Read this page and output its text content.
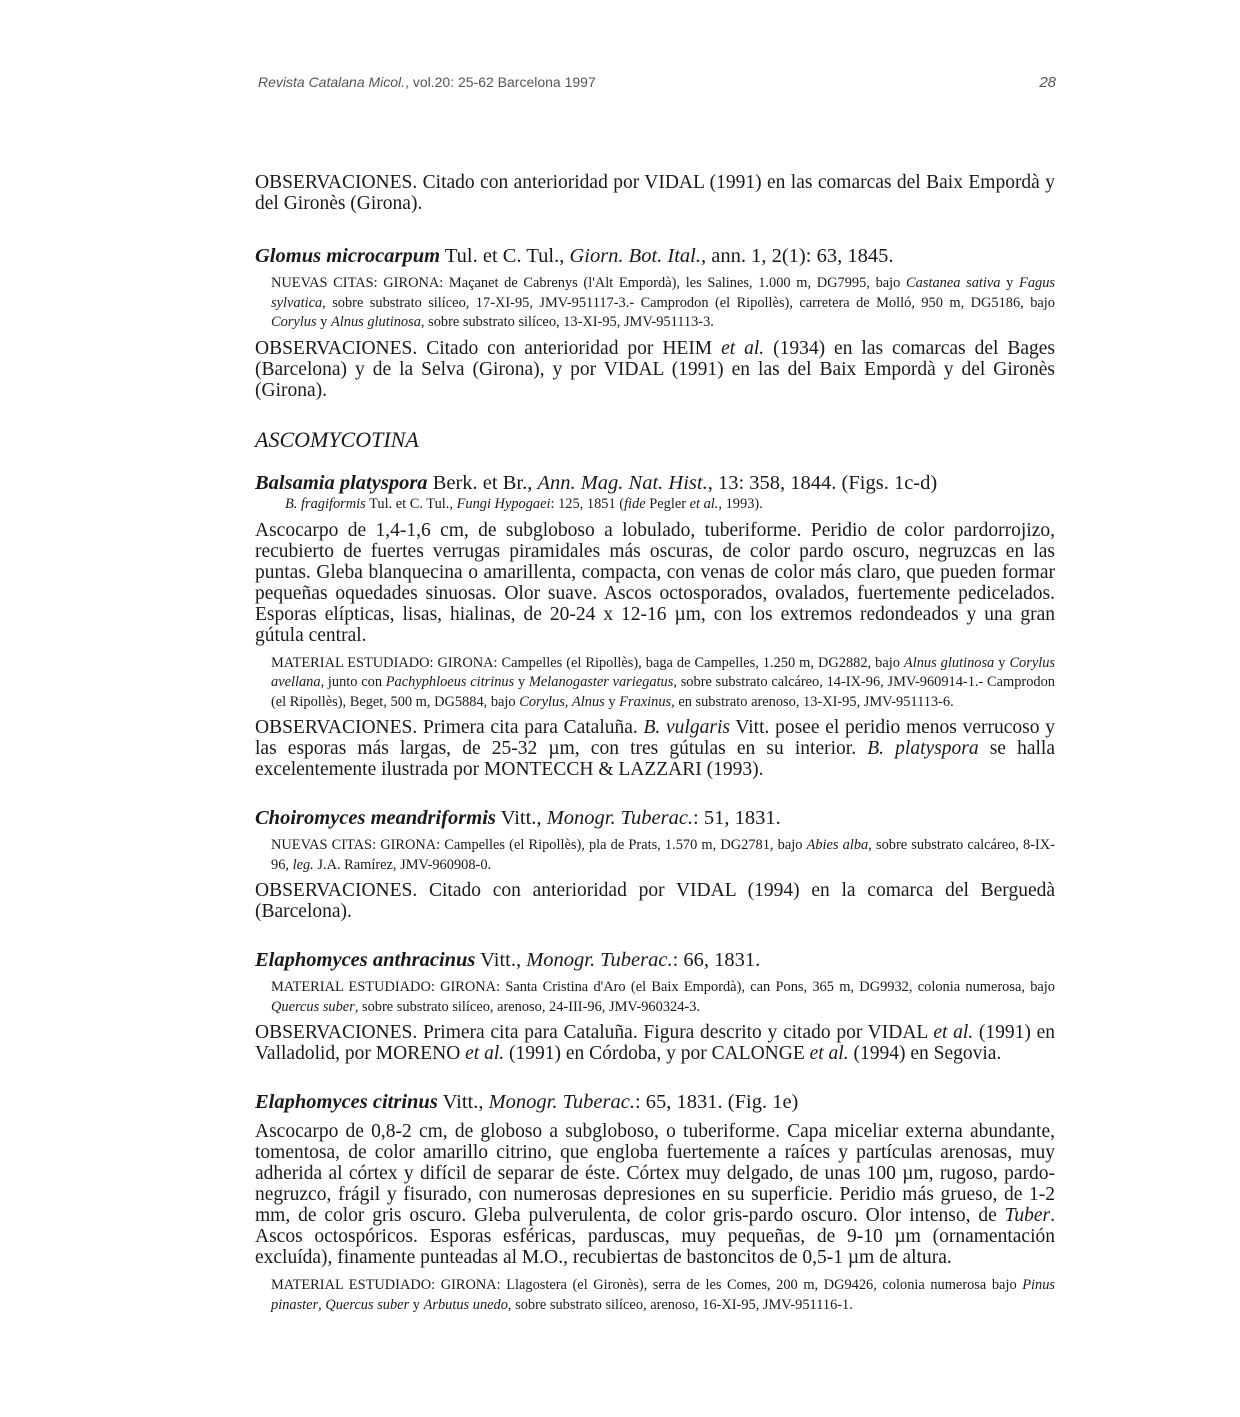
Revista Catalana Micol., vol.20: 25-62 Barcelona 1997	28

OBSERVACIONES. Citado con anterioridad por VIDAL (1991) en las comarcas del Baix Empordà y del Gironès (Girona).

Glomus microcarpum Tul. et C. Tul., Giorn. Bot. Ital., ann. 1, 2(1): 63, 1845.

NUEVAS CITAS: GIRONA: Maçanet de Cabrenys (l'Alt Empordà), les Salines, 1.000 m, DG7995, bajo Castanea sativa y Fagus sylvatica, sobre substrato silíceo, 17-XI-95, JMV-951117-3.- Camprodon (el Ripollès), carretera de Molló, 950 m, DG5186, bajo Corylus y Alnus glutinosa, sobre substrato silíceo, 13-XI-95, JMV-951113-3.

OBSERVACIONES. Citado con anterioridad por HEIM et al. (1934) en las comarcas del Bages (Barcelona) y de la Selva (Girona), y por VIDAL (1991) en las del Baix Empordà y del Gironès (Girona).

ASCOMYCOTINA

Balsamia platyspora Berk. et Br., Ann. Mag. Nat. Hist., 13: 358, 1844. (Figs. 1c-d)

B. fragiformis Tul. et C. Tul., Fungi Hypogaei: 125, 1851 (fide Pegler et al., 1993).

Ascocarpo de 1,4-1,6 cm, de subgloboso a lobulado, tuberiforme. Peridio de color pardorrojizo, recubierto de fuertes verrugas piramidales más oscuras, de color pardo oscuro, negruzcas en las puntas. Gleba blanquecina o amarillenta, compacta, con venas de color más claro, que pueden formar pequeñas oquedades sinuosas. Olor suave. Ascos octosporados, ovalados, fuertemente pedicelados. Esporas elípticas, lisas, hialinas, de 20-24 x 12-16 µm, con los extremos redondeados y una gran gútula central.

MATERIAL ESTUDIADO: GIRONA: Campelles (el Ripollès), baga de Campelles, 1.250 m, DG2882, bajo Alnus glutinosa y Corylus avellana, junto con Pachyphloeus citrinus y Melanogaster variegatus, sobre substrato calcáreo, 14-IX-96, JMV-960914-1.- Camprodon (el Ripollès), Beget, 500 m, DG5884, bajo Corylus, Alnus y Fraxinus, en substrato arenoso, 13-XI-95, JMV-951113-6.

OBSERVACIONES. Primera cita para Cataluña. B. vulgaris Vitt. posee el peridio menos verrucoso y las esporas más largas, de 25-32 µm, con tres gútulas en su interior. B. platyspora se halla excelentemente ilustrada por MONTECCH & LAZZARI (1993).

Choiromyces meandriformis Vitt., Monogr. Tuberac.: 51, 1831.

NUEVAS CITAS: GIRONA: Campelles (el Ripollès), pla de Prats, 1.570 m, DG2781, bajo Abies alba, sobre substrato calcáreo, 8-IX-96, leg. J.A. Ramírez, JMV-960908-0.

OBSERVACIONES. Citado con anterioridad por VIDAL (1994) en la comarca del Berguedà (Barcelona).

Elaphomyces anthracinus Vitt., Monogr. Tuberac.: 66, 1831.

MATERIAL ESTUDIADO: GIRONA: Santa Cristina d'Aro (el Baix Empordà), can Pons, 365 m, DG9932, colonia numerosa, bajo Quercus suber, sobre substrato silíceo, arenoso, 24-III-96, JMV-960324-3.

OBSERVACIONES. Primera cita para Cataluña. Figura descrito y citado por VIDAL et al. (1991) en Valladolid, por MORENO et al. (1991) en Córdoba, y por CALONGE et al. (1994) en Segovia.

Elaphomyces citrinus Vitt., Monogr. Tuberac.: 65, 1831. (Fig. 1e)

Ascocarpo de 0,8-2 cm, de globoso a subgloboso, o tuberiforme. Capa miceliar externa abundante, tomentosa, de color amarillo citrino, que engloba fuertemente a raíces y partículas arenosas, muy adherida al córtex y difícil de separar de éste. Córtex muy delgado, de unas 100 µm, rugoso, pardo-negruzco, frágil y fisurado, con numerosas depresiones en su superficie. Peridio más grueso, de 1-2 mm, de color gris oscuro. Gleba pulverulenta, de color gris-pardo oscuro. Olor intenso, de Tuber. Ascos octospóricos. Esporas esféricas, parduscas, muy pequeñas, de 9-10 µm (ornamentación excluída), finamente punteadas al M.O., recubiertas de bastoncitos de 0,5-1 µm de altura.

MATERIAL ESTUDIADO: GIRONA: Llagostera (el Gironès), serra de les Comes, 200 m, DG9426, colonia numerosa bajo Pinus pinaster, Quercus suber y Arbutus unedo, sobre substrato silíceo, arenoso, 16-XI-95, JMV-951116-1.
